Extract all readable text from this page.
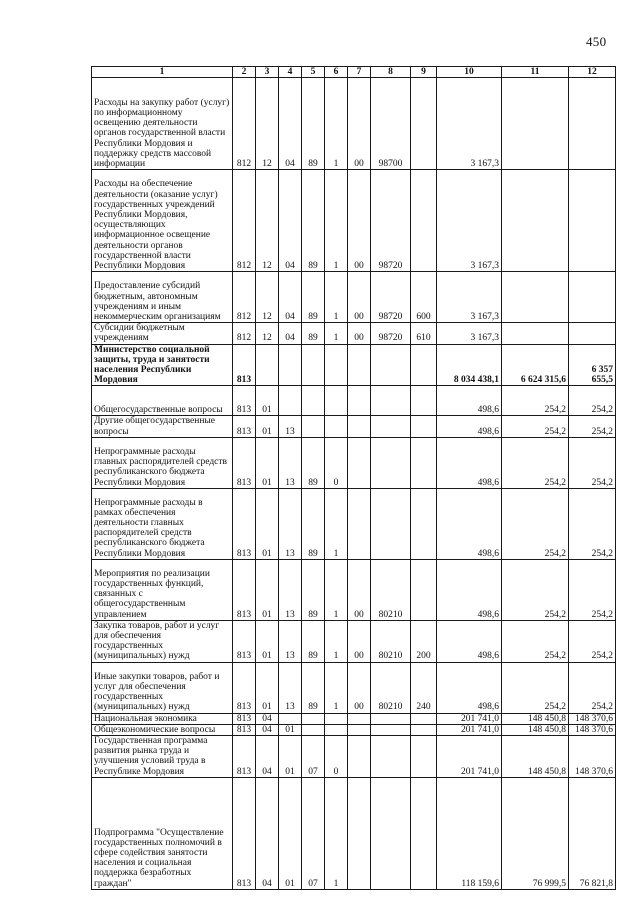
450
1	2	3	4	5	6	7	8	9	10	11	12
Расходы на закупку работ (услуг) по информационному освещению деятельности органов государственной власти Республики Мордовия и поддержку средств массовой информации	812	12	04	89	1	00	98700		3 167,3		
Расходы на обеспечение деятельности (оказание услуг) государственных учреждений Республики Мордовия, осуществляющих информационное освещение деятельности органов государственной власти Республики Мордовия	812	12	04	89	1	00	98720		3 167,3		
Предоставление субсидий бюджетным, автономным учреждениям и иным некоммерческим организациям	812	12	04	89	1	00	98720	600	3 167,3		
Субсидии бюджетным учреждениям	812	12	04	89	1	00	98720	610	3 167,3		
Министерство социальной защиты, труда и занятости населения Республики Мордовия	813								8 034 438,1	6 624 315,6	6 357 655,5
Общегосударственные вопросы	813	01							498,6	254,2	254,2
Другие общегосударственные вопросы	813	01	13						498,6	254,2	254,2
Непрограммные расходы главных распорядителей средств республиканского бюджета Республики Мордовия	813	01	13	89	0				498,6	254,2	254,2
Непрограммные расходы в рамках обеспечения деятельности главных распорядителей средств республиканского бюджета Республики Мордовия	813	01	13	89	1				498,6	254,2	254,2
Мероприятия по реализации государственных функций, связанных с общегосударственным управлением	813	01	13	89	1	00	80210		498,6	254,2	254,2
Закупка товаров, работ и услуг для обеспечения государственных (муниципальных) нужд	813	01	13	89	1	00	80210	200	498,6	254,2	254,2
Иные закупки товаров, работ и услуг для обеспечения государственных (муниципальных) нужд	813	01	13	89	1	00	80210	240	498,6	254,2	254,2
Национальная экономика	813	04							201 741,0	148 450,8	148 370,6
Общеэкономические вопросы	813	04	01						201 741,0	148 450,8	148 370,6
Государственная программа развития рынка труда и улучшения условий труда в Республике Мордовия	813	04	01	07	0				201 741,0	148 450,8	148 370,6
Подпрограмма "Осуществление государственных полномочий в сфере содействия занятости населения и социальная поддержка безработных граждан"	813	04	01	07	1				118 159,6	76 999,5	76 821,8
